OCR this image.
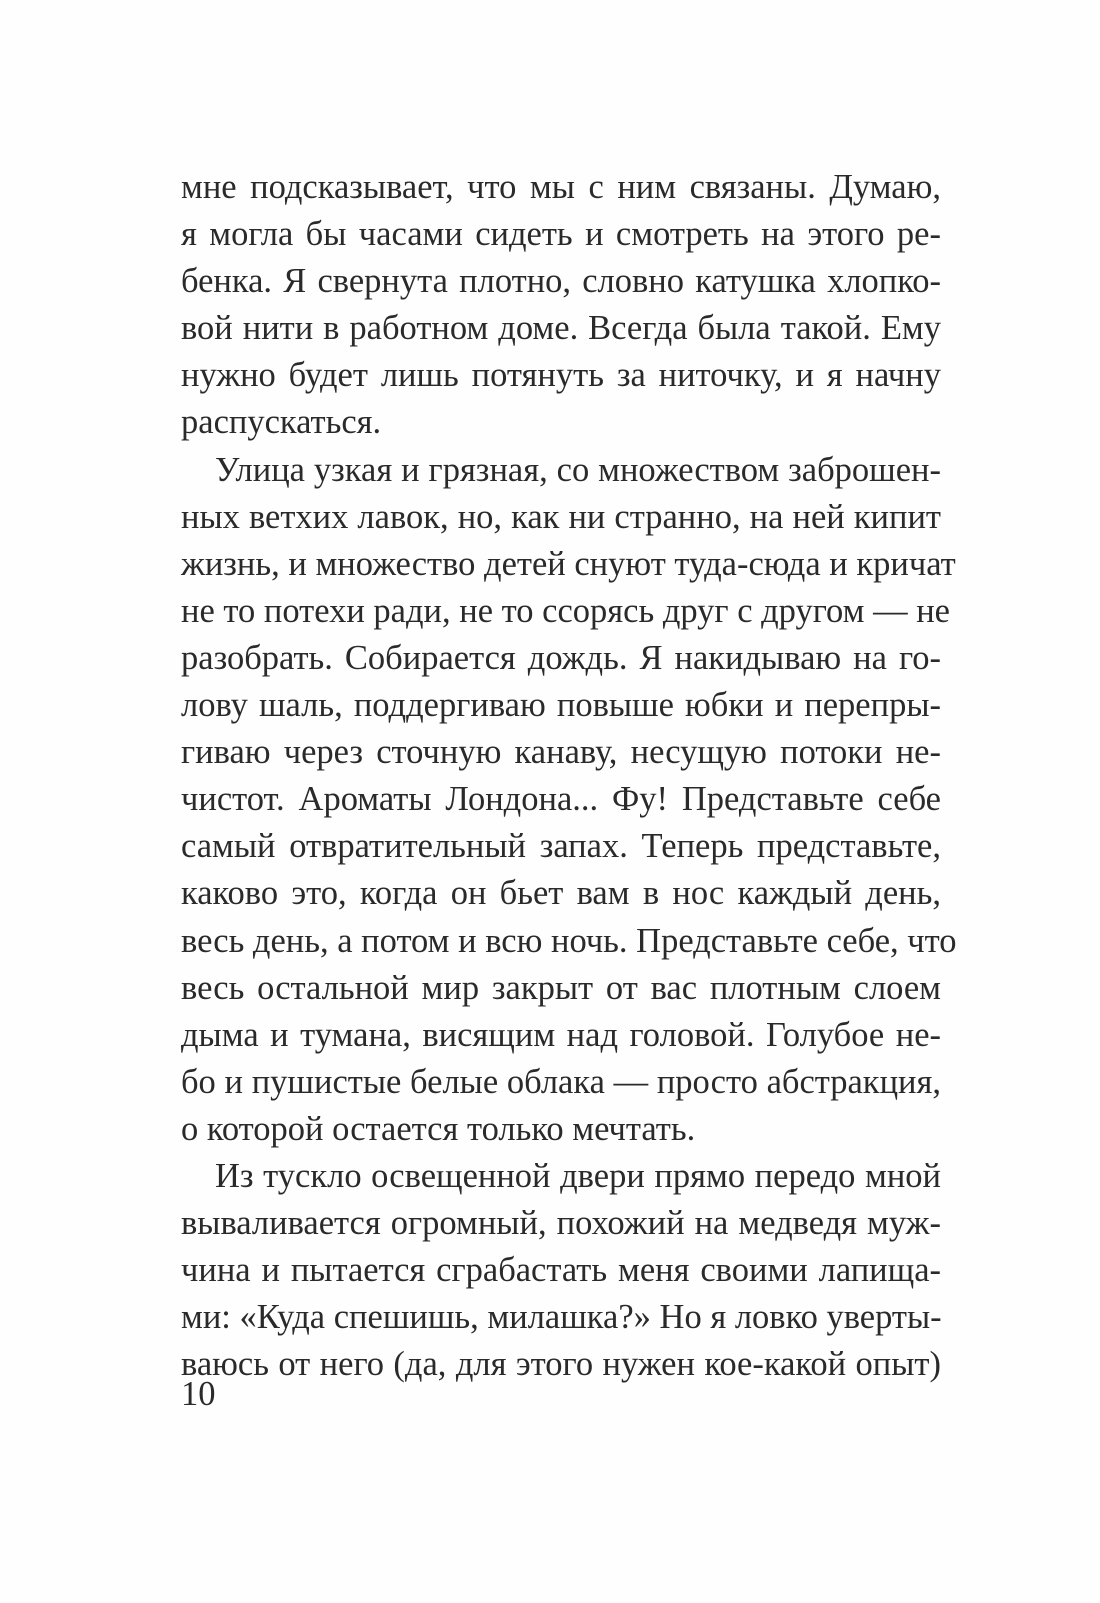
мне подсказывает, что мы с ним связаны. Думаю,
я могла бы часами сидеть и смотреть на этого ре-
бенка. Я свернута плотно, словно катушка хлопко-
вой нити в работном доме. Всегда была такой. Ему
нужно будет лишь потянуть за ниточку, и я начну
распускаться.
Улица узкая и грязная, со множеством заброшен-
ных ветхих лавок, но, как ни странно, на ней кипит
жизнь, и множество детей снуют туда-сюда и кричат
не то потехи ради, не то ссорясь друг с другом — не
разобрать. Собирается дождь. Я накидываю на го-
лову шаль, поддергиваю повыше юбки и перепры-
гиваю через сточную канаву, несущую потоки не-
чистот. Ароматы Лондона... Фу! Представьте себе
самый отвратительный запах. Теперь представьте,
каково это, когда он бьет вам в нос каждый день,
весь день, а потом и всю ночь. Представьте себе, что
весь остальной мир закрыт от вас плотным слоем
дыма и тумана, висящим над головой. Голубое не-
бо и пушистые белые облака — просто абстракция,
о которой остается только мечтать.
Из тускло освещенной двери прямо передо мной
вываливается огромный, похожий на медведя муж-
чина и пытается сграбастать меня своими лапища-
ми: «Куда спешишь, милашка?» Но я ловко уверты-
ваюсь от него (да, для этого нужен кое-какой опыт)
10
